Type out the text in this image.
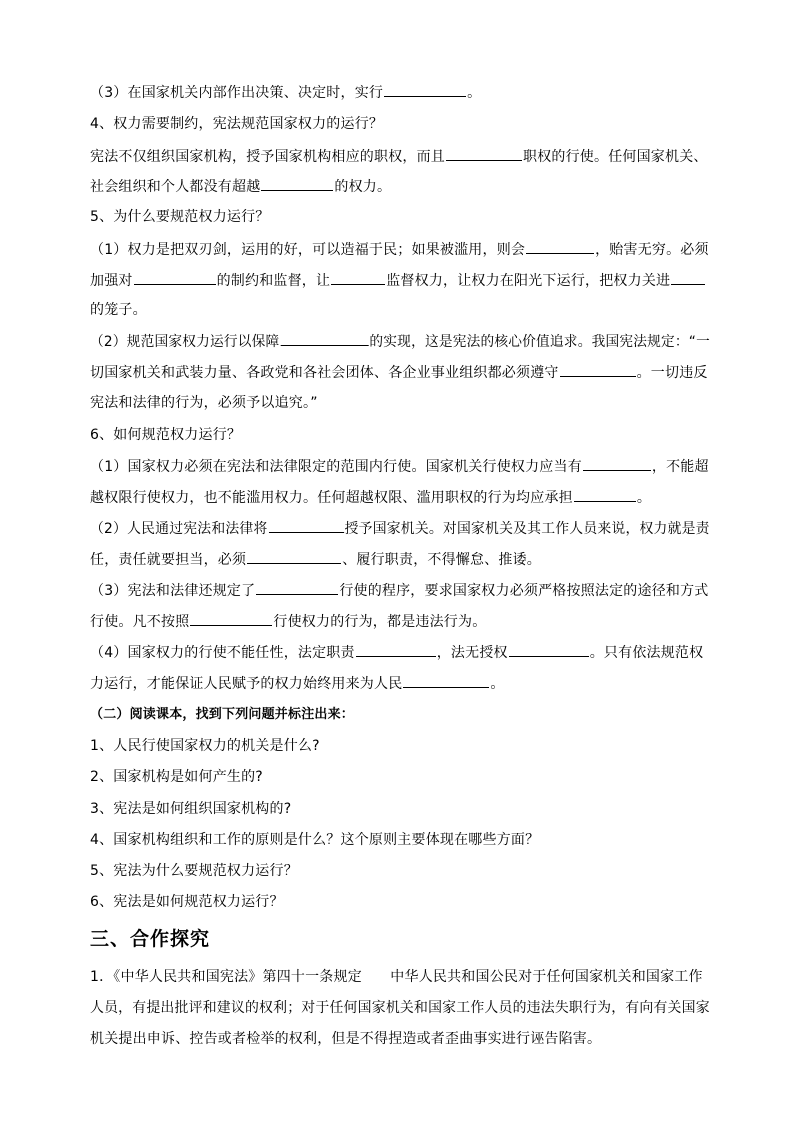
（3）在国家机关内部作出决策、决定时，实行	。
4、权力需要制约，宪法规范国家权力的运行？
宪法不仅组织国家机构，授予国家机构相应的职权，而且	职权的行使。任何国家机关、
社会组织和个人都没有超越	的权力。
5、为什么要规范权力运行？
（1）权力是把双刃剑，运用的好，可以造福于民；如果被滥用，则会	，贻害无穷。必须
加强对	的制约和监督，让	监督权力，让权力在阳光下运行，把权力关进
的笼子。
（2）规范国家权力运行以保障	的实现，这是宪法的核心价值追求。我国宪法规定：“一
切国家机关和武装力量、各政党和各社会团体、各企业事业组织都必须遵守	。一切违反
宪法和法律的行为，必须予以追究。”
6、如何规范权力运行？
（1）国家权力必须在宪法和法律限定的范围内行使。国家机关行使权力应当有	，不能超
越权限行使权力，也不能滥用权力。任何超越权限、滥用职权的行为均应承担	。
（2）人民通过宪法和法律将	授予国家机关。对国家机关及其工作人员来说，权力就是责
任，责任就要担当，必须	、履行职责，不得懈怠、推诿。
（3）宪法和法律还规定了	行使的程序，要求国家权力必须严格按照法定的途径和方式
行使。凡不按照	行使权力的行为，都是违法行为。
（4）国家权力的行使不能任性，法定职责	，法无授权	。只有依法规范权
力运行，才能保证人民赋予的权力始终用来为人民	。
（二）阅读课本，找到下列问题并标注出来：
1、人民行使国家权力的机关是什么?
2、国家机构是如何产生的?
3、宪法是如何组织国家机构的?
4、国家机构组织和工作的原则是什么？这个原则主要体现在哪些方面？
5、宪法为什么要规范权力运行？
6、宪法是如何规范权力运行？
三、合作探究
1．《中华人民共和国宪法》第四十一条规定　　中华人民共和国公民对于任何国家机关和国家工作
人员，有提出批评和建议的权利；对于任何国家机关和国家工作人员的违法失职行为，有向有关国家
机关提出申诉、控告或者检举的权利，但是不得捏造或者歪曲事实进行诬告陷害。
